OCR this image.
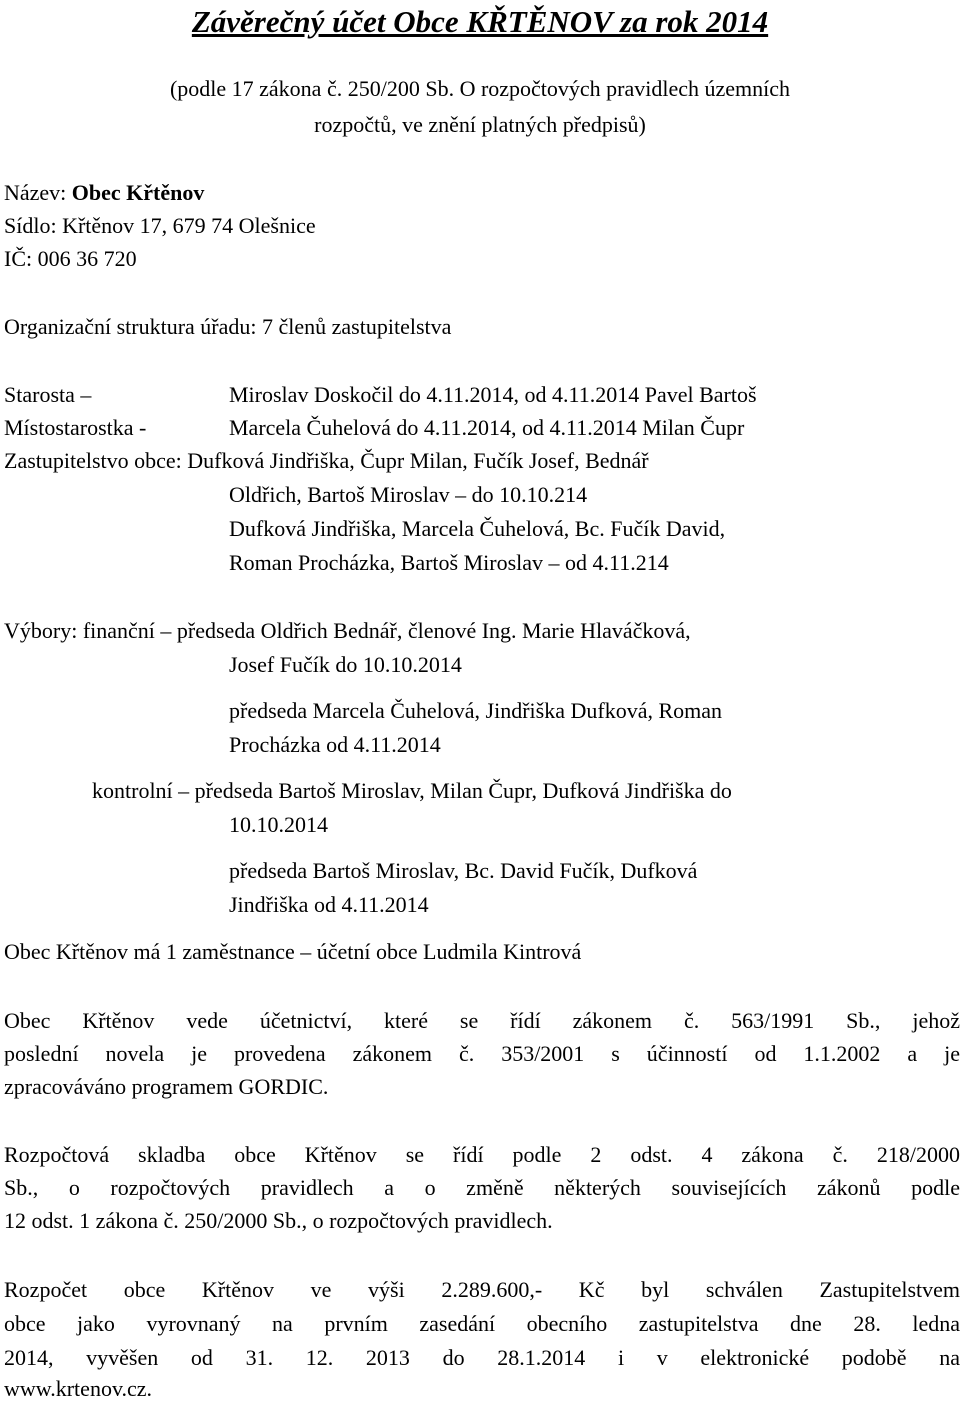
Závěrečný účet Obce KŘTĚNOV za rok 2014
(podle 17 zákona č. 250/200 Sb. O rozpočtových pravidlech územních
rozpočtů, ve znění platných předpisů)
Název: Obec Křtěnov
Sídlo: Křtěnov 17, 679 74 Olešnice
IČ: 006 36 720
Organizační struktura úřadu: 7 členů zastupitelstva
Starosta –	Miroslav Doskočil do 4.11.2014, od 4.11.2014 Pavel Bartoš
Místostarostka -	Marcela Čuhelová do 4.11.2014, od 4.11.2014 Milan Čupr
Zastupitelstvo obce: Dufková Jindřiška, Čupr Milan, Fučík Josef, Bednář
Oldřich, Bartoš Miroslav – do 10.10.214
Dufková Jindřiška, Marcela Čuhelová, Bc. Fučík David,
Roman Procházka, Bartoš Miroslav – od 4.11.214
Výbory: finanční – předseda Oldřich Bednář, členové Ing. Marie Hlaváčková,
Josef Fučík do 10.10.2014
předseda Marcela Čuhelová, Jindřiška Dufková, Roman
Procházka od 4.11.2014
kontrolní – předseda Bartoš Miroslav, Milan Čupr, Dufková Jindřiška do
10.10.2014
předseda Bartoš Miroslav, Bc. David Fučík, Dufková
Jindřiška od 4.11.2014
Obec Křtěnov má 1 zaměstnance – účetní obce Ludmila Kintrová
Obec Křtěnov vede účetnictví, které se řídí zákonem č. 563/1991 Sb., jehož
poslední novela je provedena zákonem č. 353/2001 s účinností od 1.1.2002 a je
zpracováváno programem GORDIC.
Rozpočtová skladba obce Křtěnov se řídí podle 2 odst. 4 zákona č. 218/2000
Sb., o rozpočtových pravidlech a o změně některých souvisejících zákonů podle
12 odst. 1 zákona č. 250/2000 Sb., o rozpočtových pravidlech.
Rozpočet obce Křtěnov ve výši 2.289.600,- Kč byl schválen Zastupitelstvem
obce jako vyrovnaný na prvním zasedání obecního zastupitelstva dne 28. ledna
2014, vyvěšen od 31. 12. 2013 do 28.1.2014 i v elektronické podobě na
www.krtenov.cz.
